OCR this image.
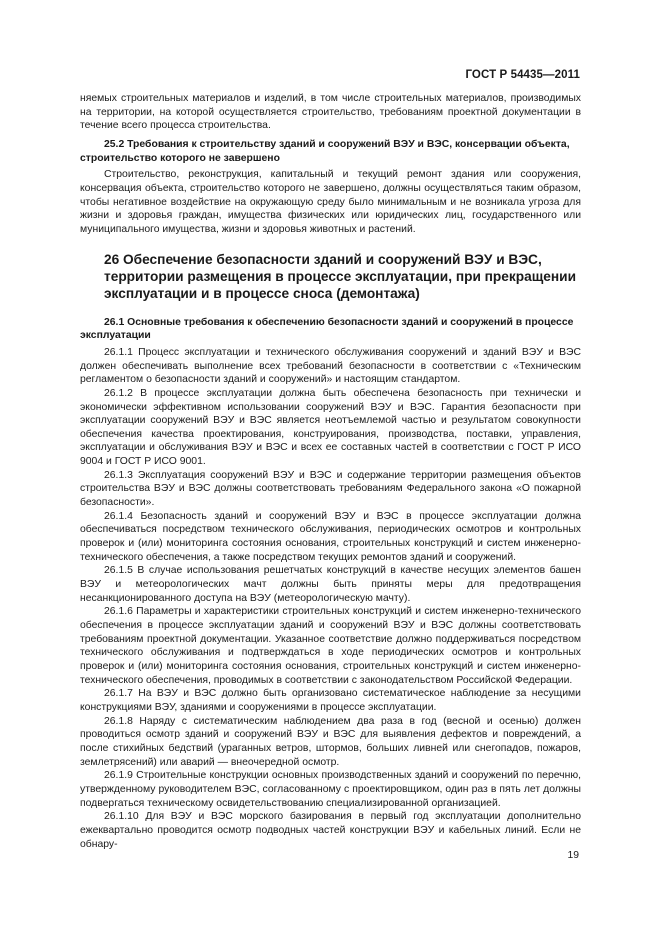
ГОСТ Р 54435—2011

няемых строительных материалов и изделий, в том числе строительных материалов, производимых на территории, на которой осуществляется строительство, требованиям проектной документации в течение всего процесса строительства.

25.2 Требования к строительству зданий и сооружений ВЭУ и ВЭС, консервации объекта, строительство которого не завершено

Строительство, реконструкция, капитальный и текущий ремонт здания или сооружения, консервация объекта, строительство которого не завершено, должны осуществляться таким образом, чтобы негативное воздействие на окружающую среду было минимальным и не возникала угроза для жизни и здоровья граждан, имущества физических или юридических лиц, государственного или муниципального имущества, жизни и здоровья животных и растений.

26 Обеспечение безопасности зданий и сооружений ВЭУ и ВЭС, территории размещения в процессе эксплуатации, при прекращении эксплуатации и в процессе сноса (демонтажа)

26.1 Основные требования к обеспечению безопасности зданий и сооружений в процессе эксплуатации

26.1.1 Процесс эксплуатации и технического обслуживания сооружений и зданий ВЭУ и ВЭС должен обеспечивать выполнение всех требований безопасности в соответствии с «Техническим регламентом о безопасности зданий и сооружений» и настоящим стандартом.

26.1.2 В процессе эксплуатации должна быть обеспечена безопасность при технически и экономически эффективном использовании сооружений ВЭУ и ВЭС. Гарантия безопасности при эксплуатации сооружений ВЭУ и ВЭС является неотъемлемой частью и результатом совокупности обеспечения качества проектирования, конструирования, производства, поставки, управления, эксплуатации и обслуживания ВЭУ и ВЭС и всех ее составных частей в соответствии с ГОСТ Р ИСО 9004 и ГОСТ Р ИСО 9001.

26.1.3 Эксплуатация сооружений ВЭУ и ВЭС и содержание территории размещения объектов строительства ВЭУ и ВЭС должны соответствовать требованиям Федерального закона «О пожарной безопасности».

26.1.4 Безопасность зданий и сооружений ВЭУ и ВЭС в процессе эксплуатации должна обеспечиваться посредством технического обслуживания, периодических осмотров и контрольных проверок и (или) мониторинга состояния основания, строительных конструкций и систем инженерно-технического обеспечения, а также посредством текущих ремонтов зданий и сооружений.

26.1.5 В случае использования решетчатых конструкций в качестве несущих элементов башен ВЭУ и метеорологических мачт должны быть приняты меры для предотвращения несанкционированного доступа на ВЭУ (метеорологическую мачту).

26.1.6 Параметры и характеристики строительных конструкций и систем инженерно-технического обеспечения в процессе эксплуатации зданий и сооружений ВЭУ и ВЭС должны соответствовать требованиям проектной документации. Указанное соответствие должно поддерживаться посредством технического обслуживания и подтверждаться в ходе периодических осмотров и контрольных проверок и (или) мониторинга состояния основания, строительных конструкций и систем инженерно-технического обеспечения, проводимых в соответствии с законодательством Российской Федерации.

26.1.7 На ВЭУ и ВЭС должно быть организовано систематическое наблюдение за несущими конструкциями ВЭУ, зданиями и сооружениями в процессе эксплуатации.

26.1.8 Наряду с систематическим наблюдением два раза в год (весной и осенью) должен проводиться осмотр зданий и сооружений ВЭУ и ВЭС для выявления дефектов и повреждений, а после стихийных бедствий (ураганных ветров, штормов, больших ливней или снегопадов, пожаров, землетрясений) или аварий — внеочередной осмотр.

26.1.9 Строительные конструкции основных производственных зданий и сооружений по перечню, утвержденному руководителем ВЭС, согласованному с проектировщиком, один раз в пять лет должны подвергаться техническому освидетельствованию специализированной организацией.

26.1.10 Для ВЭУ и ВЭС морского базирования в первый год эксплуатации дополнительно ежеквартально проводится осмотр подводных частей конструкции ВЭУ и кабельных линий. Если не обнару-

19
